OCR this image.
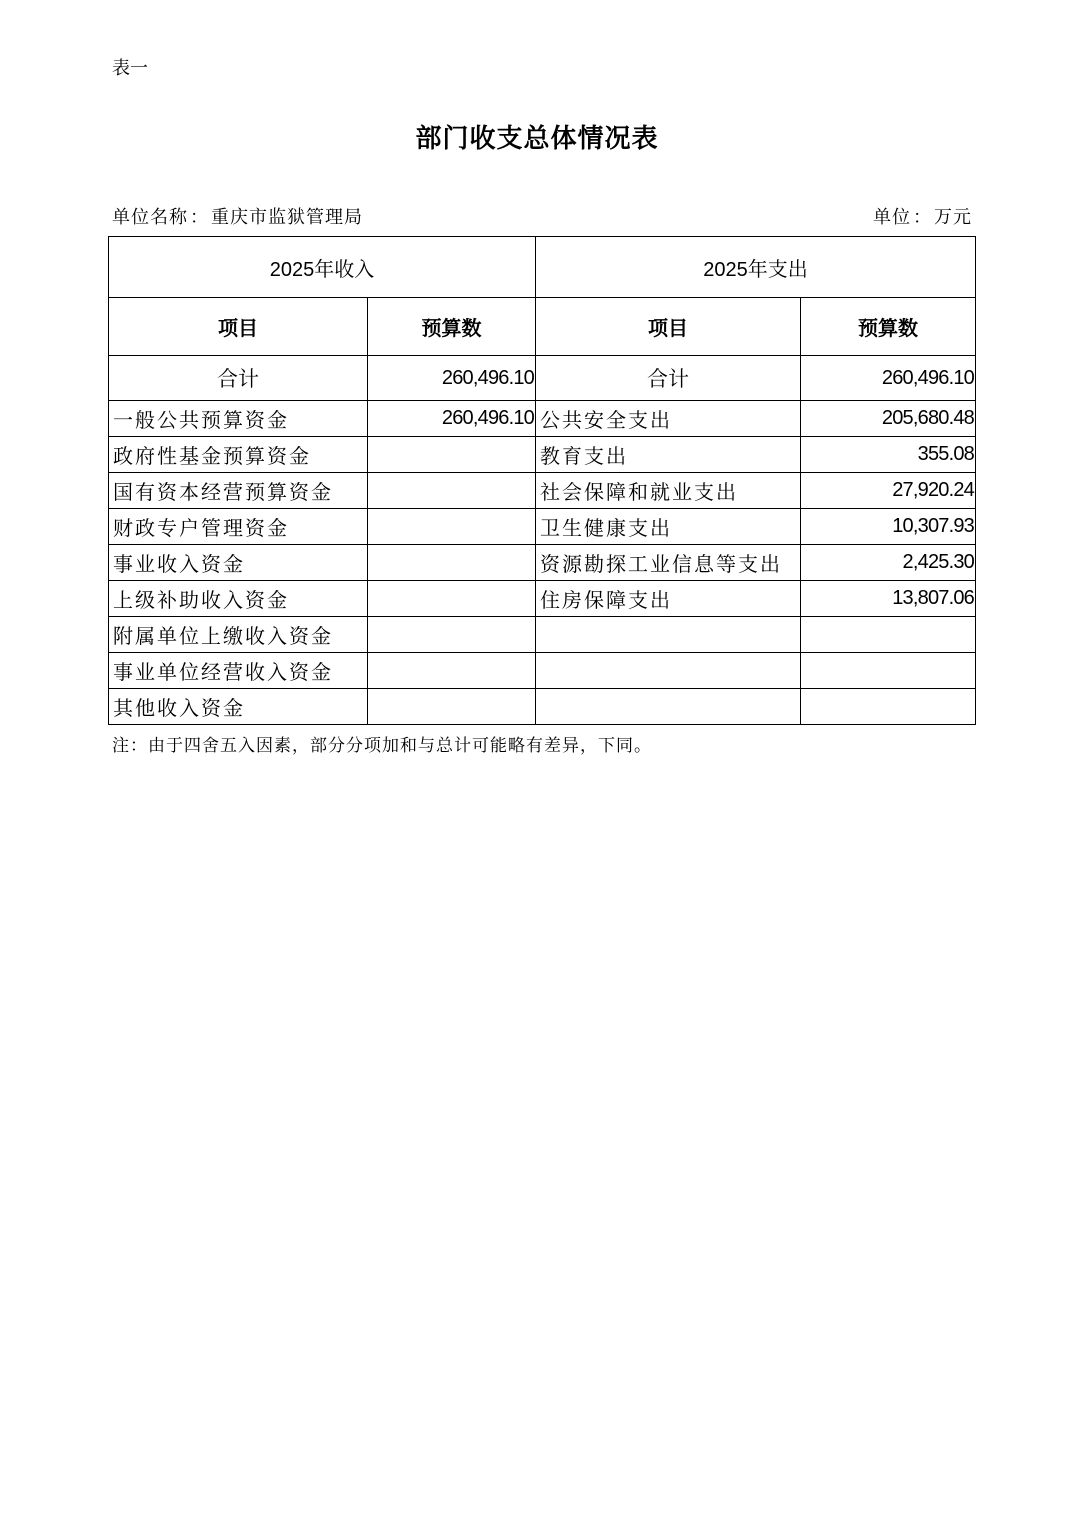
表一
部门收支总体情况表
单位名称 ： 重庆市监狱管理局	单位 ： 万元
2025年收入		2025年支出	
项目	预算数	项目	预算数
合计	260,496.10	合计	260,496.10
一般公共预算资金	260,496.10	公共安全支出	205,680.48
政府性基金预算资金		教育支出	355.08
国有资本经营预算资金		社会保障和就业支出	27,920.24
财政专户管理资金		卫生健康支出	10,307.93
事业收入资金		资源勘探工业信息等支出	2,425.30
上级补助收入资金		住房保障支出	13,807.06
附属单位上缴收入资金			
事业单位经营收入资金			
其他收入资金			
注：由于四舍五入因素，部分分项加和与总计可能略有差异，下同。
